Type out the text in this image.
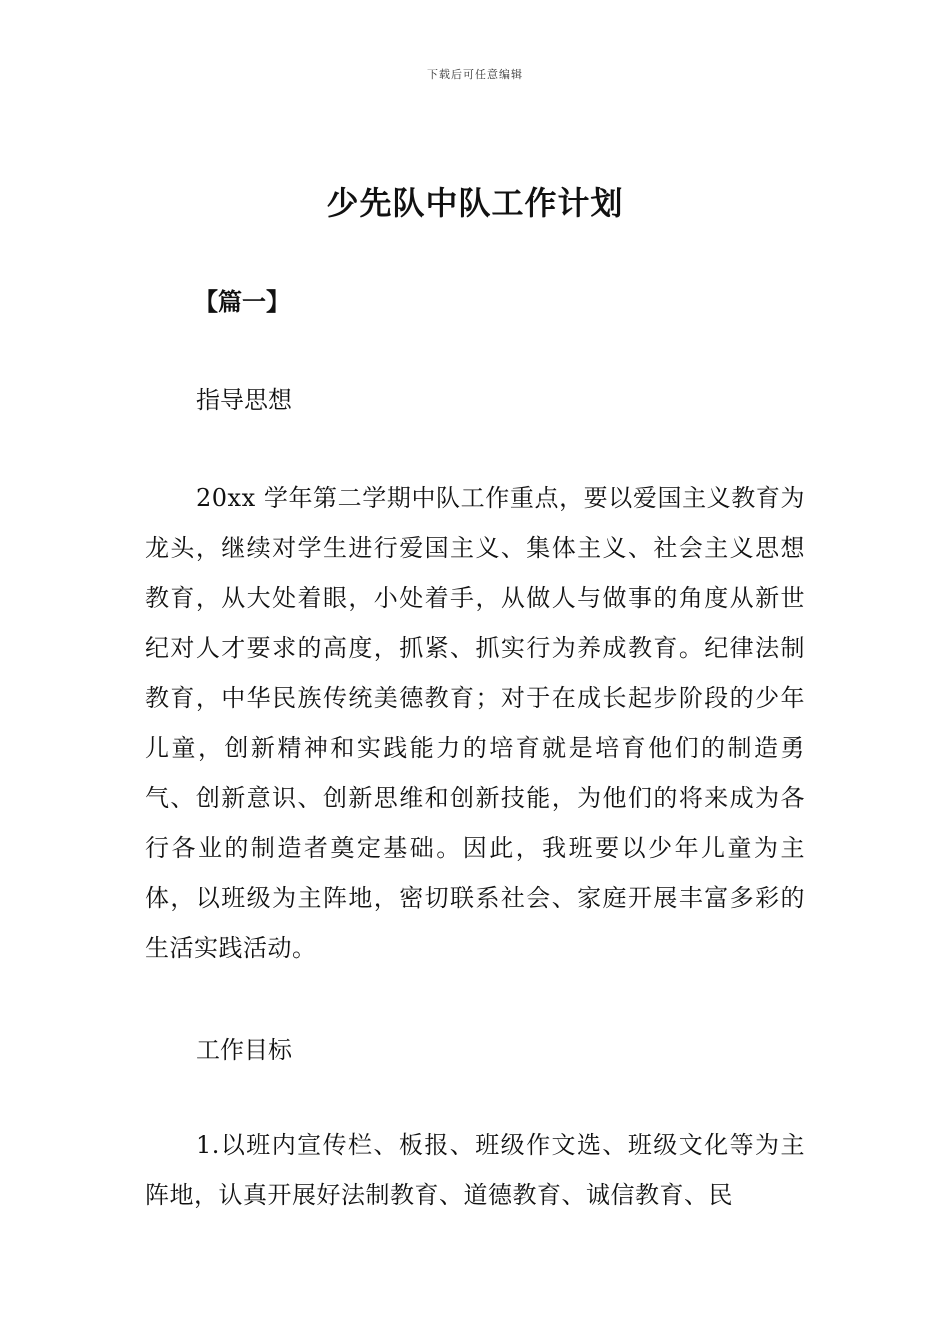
下载后可任意编辑
少先队中队工作计划
【篇一】
指导思想
20xx 学年第二学期中队工作重点，要以爱国主义教育为龙头，继续对学生进行爱国主义、集体主义、社会主义思想教育，从大处着眼，小处着手，从做人与做事的角度从新世纪对人才要求的高度，抓紧、抓实行为养成教育。纪律法制教育，中华民族传统美德教育；对于在成长起步阶段的少年儿童，创新精神和实践能力的培育就是培育他们的制造勇气、创新意识、创新思维和创新技能，为他们的将来成为各行各业的制造者奠定基础。因此，我班要以少年儿童为主体，以班级为主阵地，密切联系社会、家庭开展丰富多彩的生活实践活动。
工作目标
1.以班内宣传栏、板报、班级作文选、班级文化等为主阵地，认真开展好法制教育、道德教育、诚信教育、民
